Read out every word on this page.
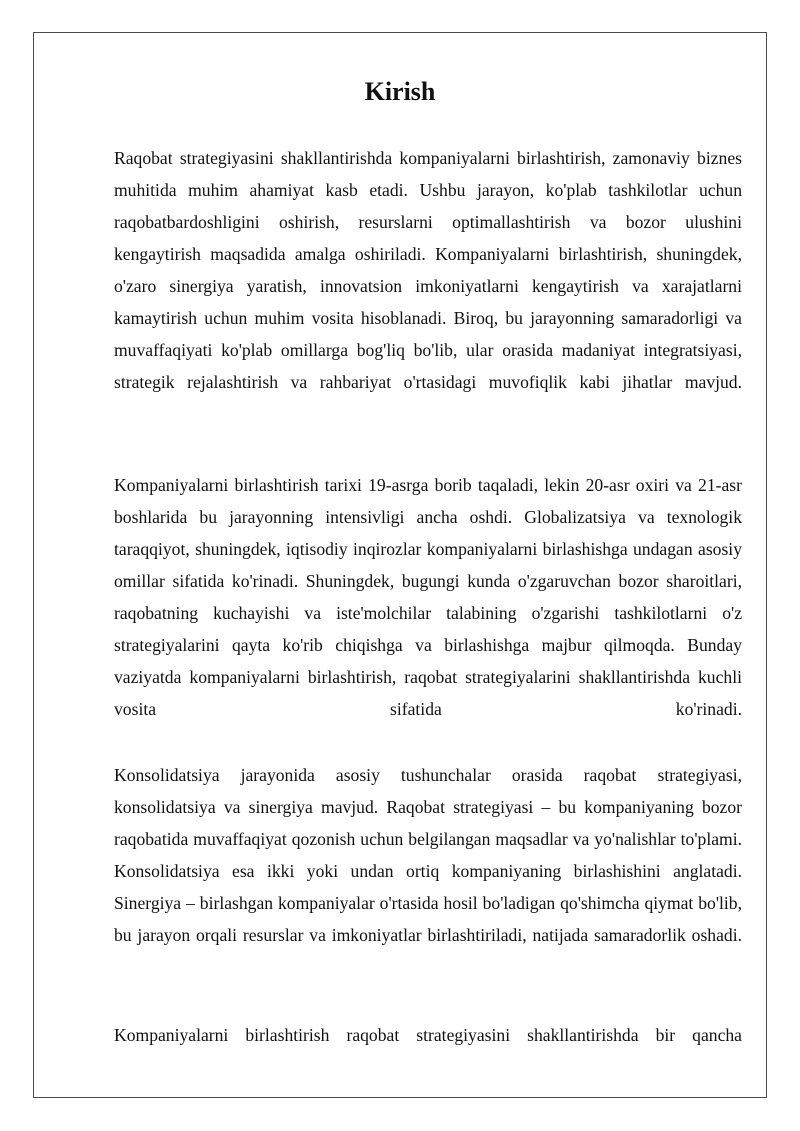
Kirish

Raqobat strategiyasini shakllantirishda kompaniyalarni birlashtirish, zamonaviy biznes muhitida muhim ahamiyat kasb etadi. Ushbu jarayon, ko'plab tashkilotlar uchun raqobatbardoshligini oshirish, resurslarni optimallashtirish va bozor ulushini kengaytirish maqsadida amalga oshiriladi. Kompaniyalarni birlashtirish, shuningdek, o'zaro sinergiya yaratish, innovatsion imkoniyatlarni kengaytirish va xarajatlarni kamaytirish uchun muhim vosita hisoblanadi. Biroq, bu jarayonning samaradorligi va muvaffaqiyati ko'plab omillarga bog'liq bo'lib, ular orasida madaniyat integratsiyasi, strategik rejalashtirish va rahbariyat o'rtasidagi muvofiqlik kabi jihatlar mavjud.

Kompaniyalarni birlashtirish tarixi 19-asrga borib taqaladi, lekin 20-asr oxiri va 21-asr boshlarida bu jarayonning intensivligi ancha oshdi. Globalizatsiya va texnologik taraqqiyot, shuningdek, iqtisodiy inqirozlar kompaniyalarni birlashishga undagan asosiy omillar sifatida ko'rinadi. Shuningdek, bugungi kunda o'zgaruvchan bozor sharoitlari, raqobatning kuchayishi va iste'molchilar talabining o'zgarishi tashkilotlarni o'z strategiyalarini qayta ko'rib chiqishga va birlashishga majbur qilmoqda. Bunday vaziyatda kompaniyalarni birlashtirish, raqobat strategiyalarini shakllantirishda kuchli vosita sifatida ko'rinadi.

Konsolidatsiya jarayonida asosiy tushunchalar orasida raqobat strategiyasi, konsolidatsiya va sinergiya mavjud. Raqobat strategiyasi – bu kompaniyaning bozor raqobatida muvaffaqiyat qozonish uchun belgilangan maqsadlar va yo'nalishlar to'plami. Konsolidatsiya esa ikki yoki undan ortiq kompaniyaning birlashishini anglatadi. Sinergiya – birlashgan kompaniyalar o'rtasida hosil bo'ladigan qo'shimcha qiymat bo'lib, bu jarayon orqali resurslar va imkoniyatlar birlashtiriladi, natijada samaradorlik oshadi.

Kompaniyalarni birlashtirish raqobat strategiyasini shakllantirishda bir qancha
